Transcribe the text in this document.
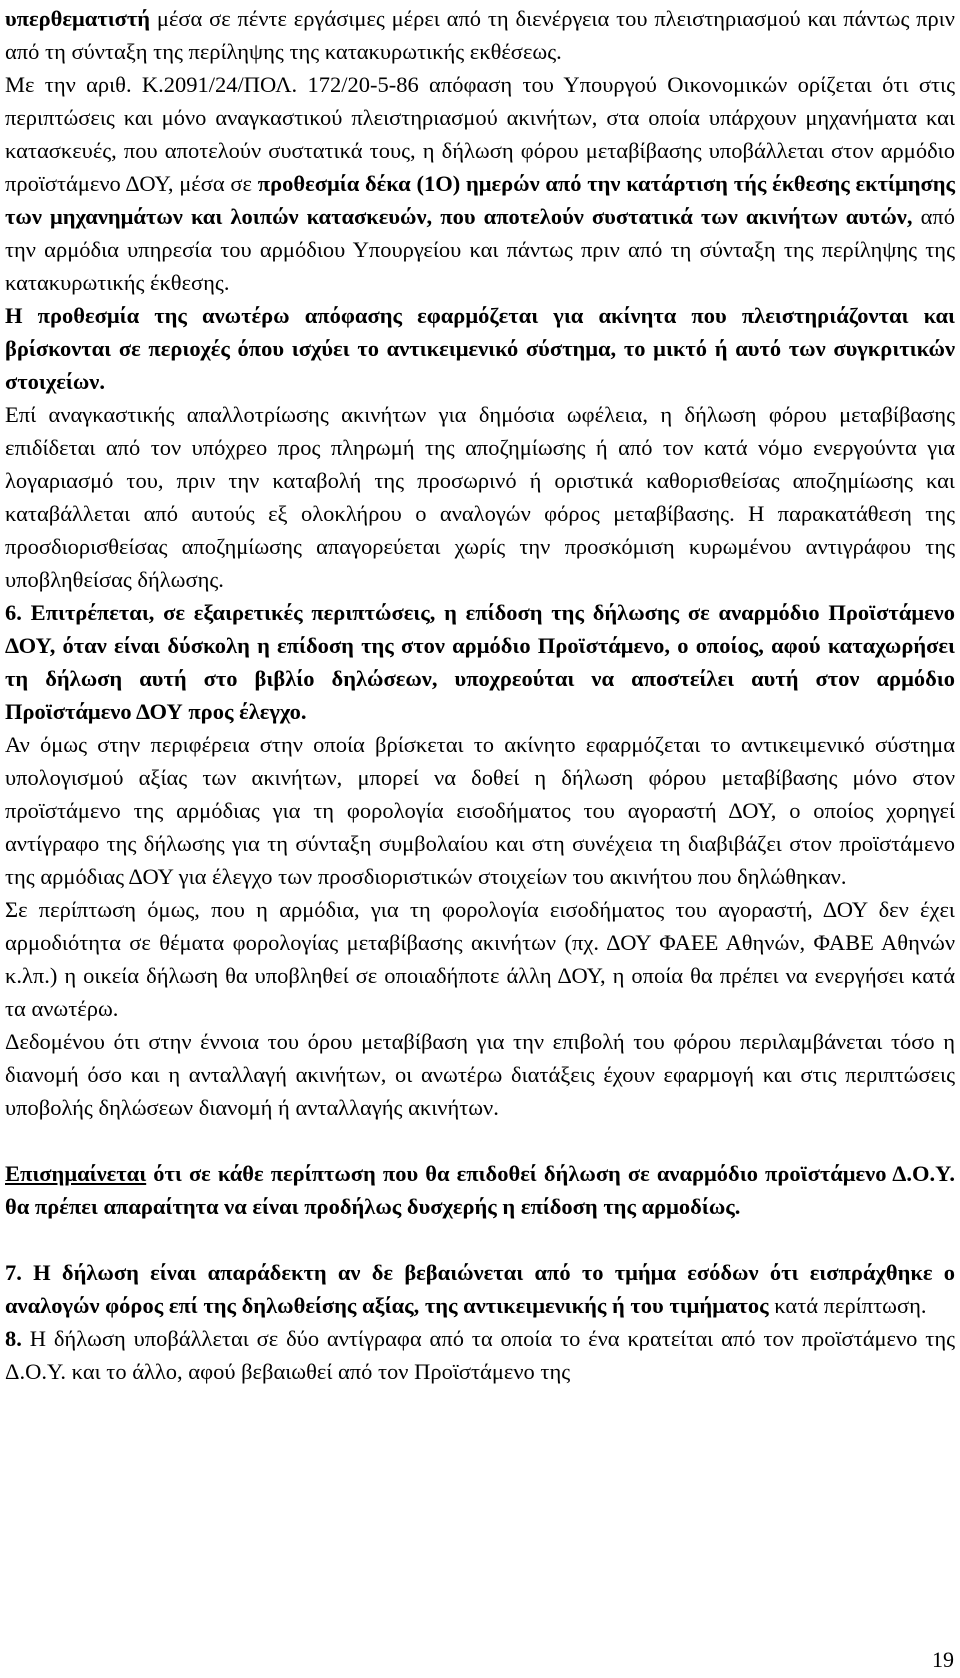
υπερθεματιστή μέσα σε πέντε εργάσιμες μέρει από τη διενέργεια του πλειστηριασμού και πάντως πριν από τη σύνταξη της περίληψης της κατακυρωτικής εκθέσεως.

Με την αριθ. Κ.2091/24/ΠΟΛ. 172/20-5-86 απόφαση του Υπουργού Οικονομικών ορίζεται ότι στις περιπτώσεις και μόνο αναγκαστικού πλειστηριασμού ακινήτων, στα οποία υπάρχουν μηχανήματα και κατασκευές, που αποτελούν συστατικά τους, η δήλωση φόρου μεταβίβασης υποβάλλεται στον αρμόδιο προϊστάμενο ΔΟΥ, μέσα σε προθεσμία δέκα (1Ο) ημερών από την κατάρτιση τής έκθεσης εκτίμησης των μηχανημάτων και λοιπών κατασκευών, που αποτελούν συστατικά των ακινήτων αυτών, από την αρμόδια υπηρεσία του αρμόδιου Υπουργείου και πάντως πριν από τη σύνταξη της περίληψης της κατακυρωτικής έκθεσης.

Η προθεσμία της ανωτέρω απόφασης εφαρμόζεται για ακίνητα που πλειστηριάζονται και βρίσκονται σε περιοχές όπου ισχύει το αντικειμενικό σύστημα, το μικτό ή αυτό των συγκριτικών στοιχείων.

Επί αναγκαστικής απαλλοτρίωσης ακινήτων για δημόσια ωφέλεια, η δήλωση φόρου μεταβίβασης επιδίδεται από τον υπόχρεο προς πληρωμή της αποζημίωσης ή από τον κατά νόμο ενεργούντα για λογαριασμό του, πριν την καταβολή της προσωρινό ή οριστικά καθορισθείσας αποζημίωσης και καταβάλλεται από αυτούς εξ ολοκλήρου ο αναλογών φόρος μεταβίβασης. Η παρακατάθεση της προσδιορισθείσας αποζημίωσης απαγορεύεται χωρίς την προσκόμιση κυρωμένου αντιγράφου της υποβληθείσας δήλωσης.

6. Επιτρέπεται, σε εξαιρετικές περιπτώσεις, η επίδοση της δήλωσης σε αναρμόδιο Προϊστάμενο ΔΟΥ, όταν είναι δύσκολη η επίδοση της στον αρμόδιο Προϊστάμενο, ο οποίος, αφού καταχωρήσει τη δήλωση αυτή στο βιβλίο δηλώσεων, υποχρεούται να αποστείλει αυτή στον αρμόδιο Προϊστάμενο ΔΟΥ προς έλεγχο.

Αν όμως στην περιφέρεια στην οποία βρίσκεται το ακίνητο εφαρμόζεται το αντικειμενικό σύστημα υπολογισμού αξίας των ακινήτων, μπορεί να δοθεί η δήλωση φόρου μεταβίβασης μόνο στον προϊστάμενο της αρμόδιας για τη φορολογία εισοδήματος του αγοραστή ΔΟΥ, ο οποίος χορηγεί αντίγραφο της δήλωσης για τη σύνταξη συμβολαίου και στη συνέχεια τη διαβιβάζει στον προϊστάμενο της αρμόδιας ΔΟΥ για έλεγχο των προσδιοριστικών στοιχείων του ακινήτου που δηλώθηκαν.

Σε περίπτωση όμως, που η αρμόδια, για τη φορολογία εισοδήματος του αγοραστή, ΔΟΥ δεν έχει αρμοδιότητα σε θέματα φορολογίας μεταβίβασης ακινήτων (πχ. ΔΟΥ ΦΑΕΕ Αθηνών, ΦΑΒΕ Αθηνών κ.λπ.) η οικεία δήλωση θα υποβληθεί σε οποιαδήποτε άλλη ΔΟΥ, η οποία θα πρέπει να ενεργήσει κατά τα ανωτέρω.

Δεδομένου ότι στην έννοια του όρου μεταβίβαση για την επιβολή του φόρου περιλαμβάνεται τόσο η διανομή όσο και η ανταλλαγή ακινήτων, οι ανωτέρω διατάξεις έχουν εφαρμογή και στις περιπτώσεις υποβολής δηλώσεων διανομή ή ανταλλαγής ακινήτων.

Επισημαίνεται ότι σε κάθε περίπτωση που θα επιδοθεί δήλωση σε αναρμόδιο προϊστάμενο Δ.Ο.Υ. θα πρέπει απαραίτητα να είναι προδήλως δυσχερής η επίδοση της αρμοδίως.

7. Η δήλωση είναι απαράδεκτη αν δε βεβαιώνεται από το τμήμα εσόδων ότι εισπράχθηκε ο αναλογών φόρος επί της δηλωθείσης αξίας, της αντικειμενικής ή του τιμήματος κατά περίπτωση.

8. Η δήλωση υποβάλλεται σε δύο αντίγραφα από τα οποία το ένα κρατείται από τον προϊστάμενο της Δ.Ο.Υ. και το άλλο, αφού βεβαιωθεί από τον Προϊστάμενο της

19
